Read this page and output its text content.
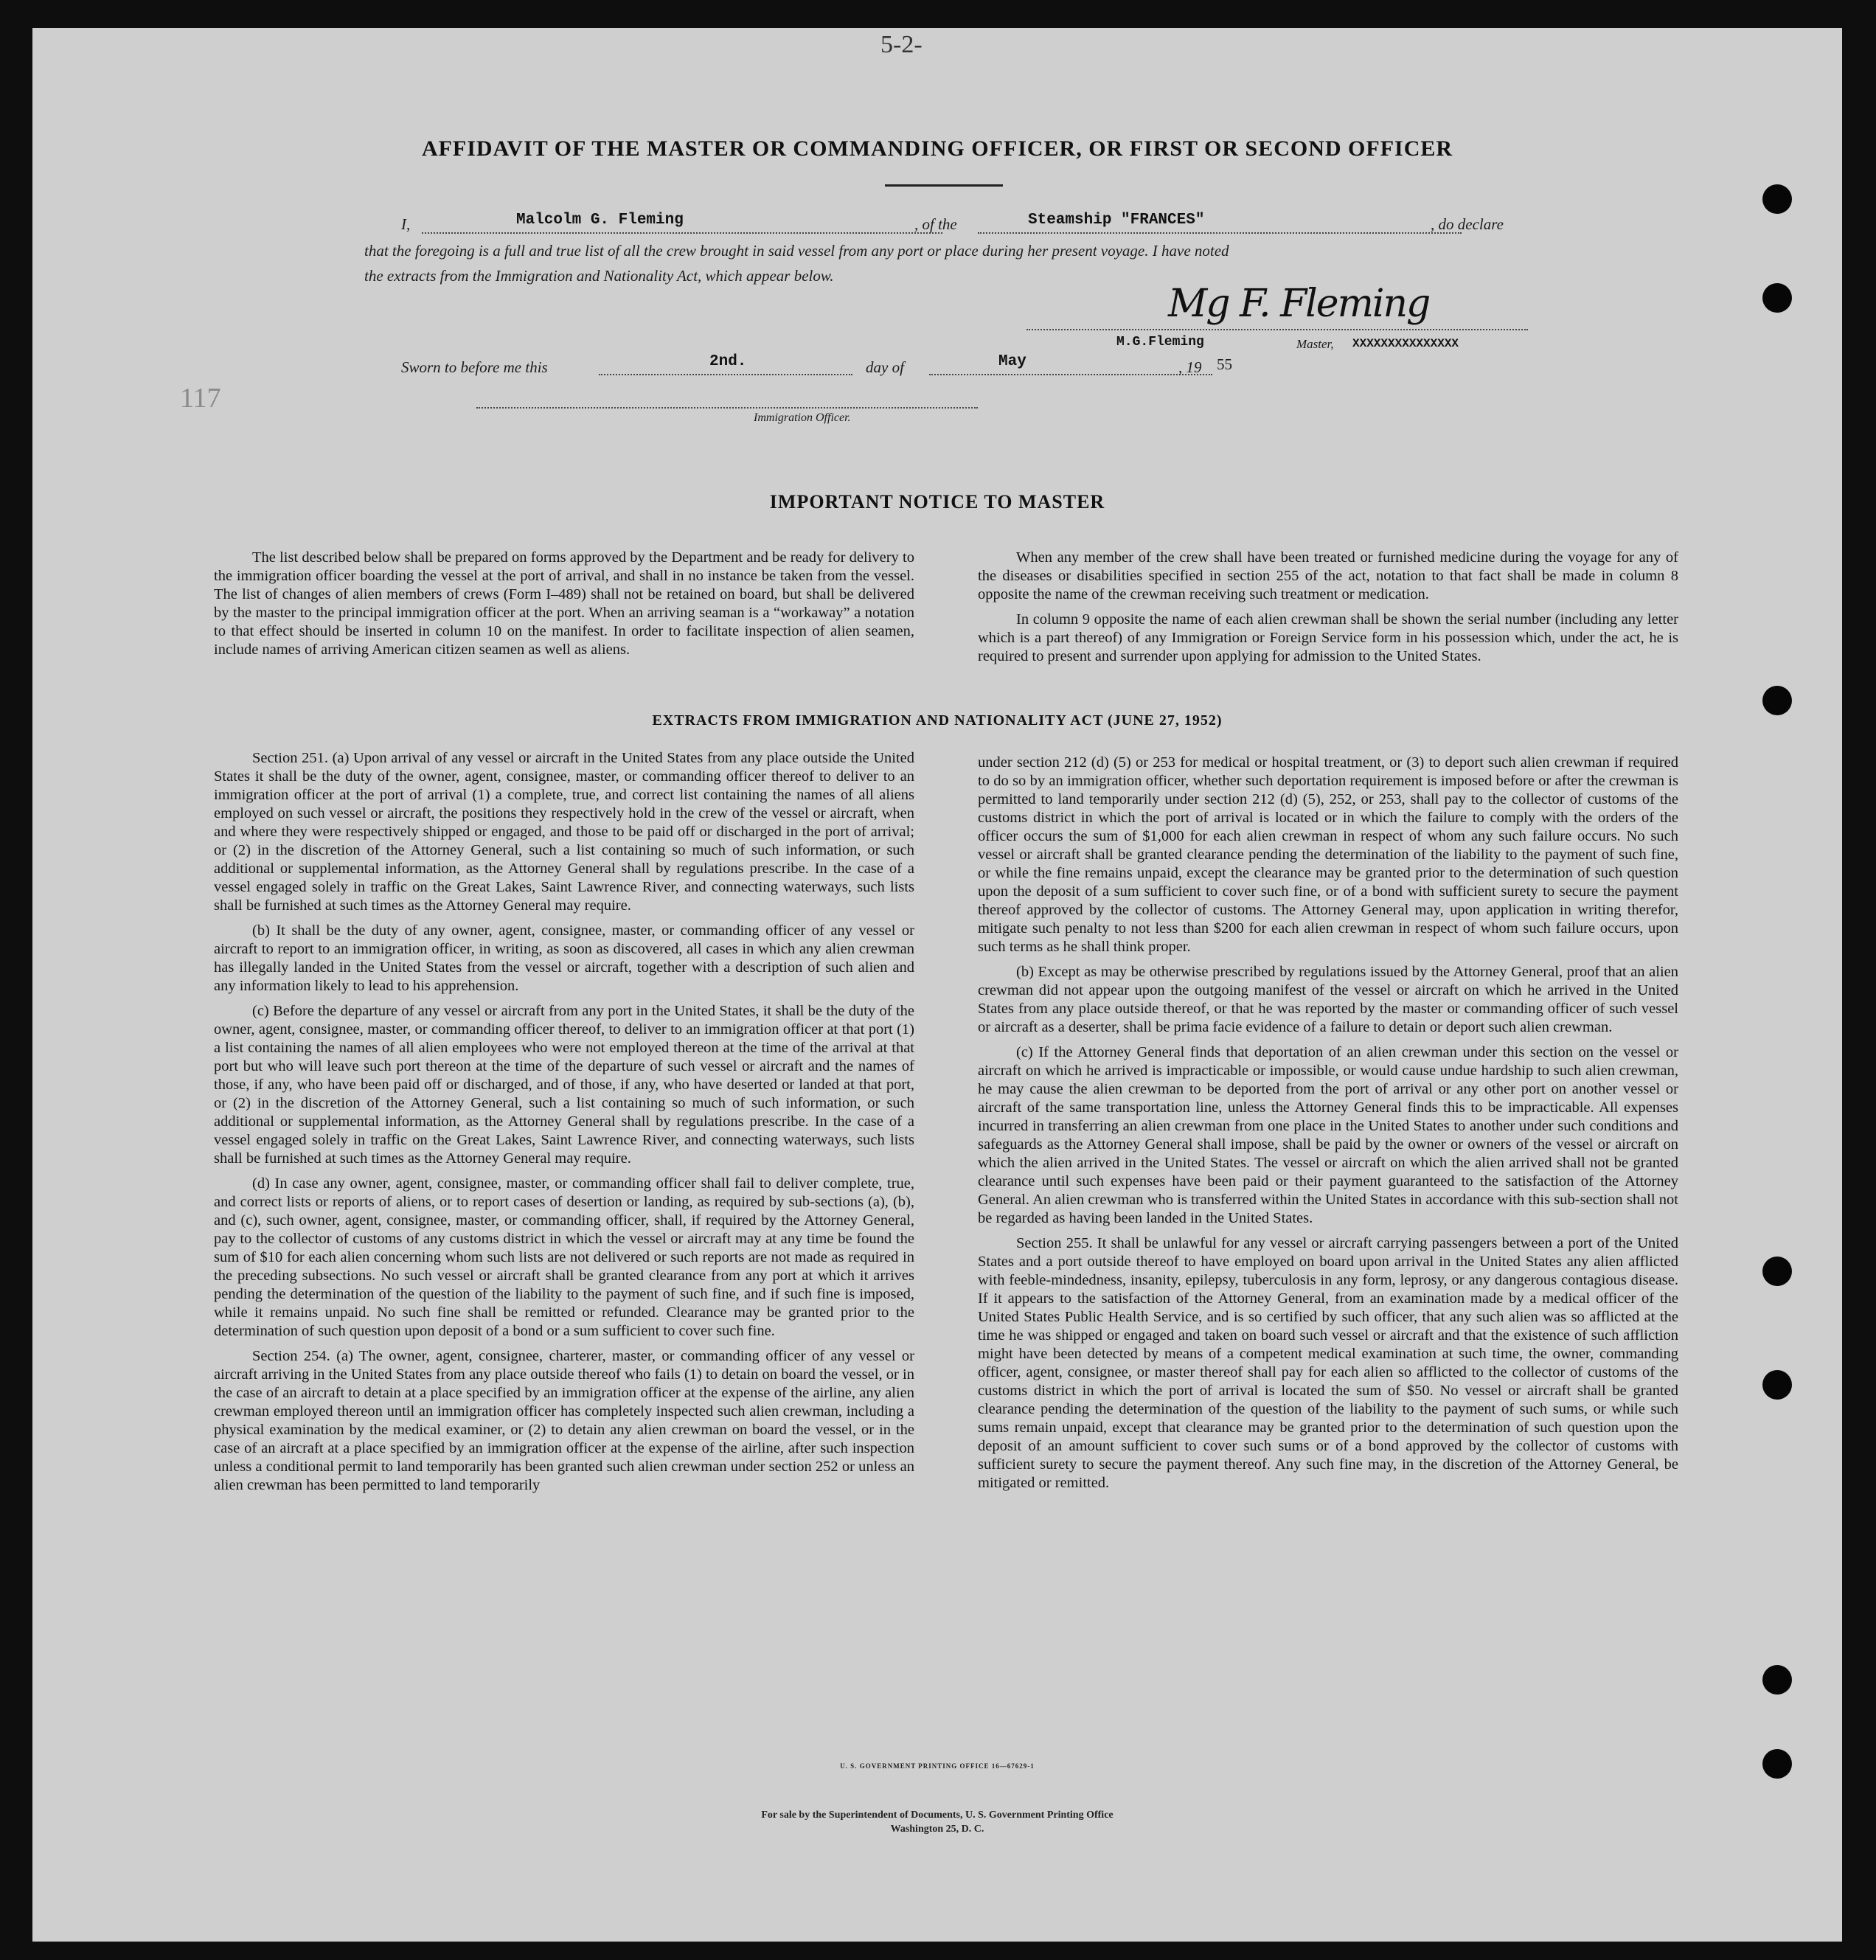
5-2-
117
AFFIDAVIT OF THE MASTER OR COMMANDING OFFICER, OR FIRST OR SECOND OFFICER
I,	Malcolm G. Fleming	, of the	Steamship "FRANCES"	, do declare
that the foregoing is a full and true list of all the crew brought in said vessel from any port or place during her present voyage. I have noted
the extracts from the Immigration and Nationality Act, which appear below.
Mg F. Fleming
M.G.Fleming	Master, XXXXXXXXXXXXXXX
Sworn to before me this	2nd.	day of	May	, 19 55
Immigration Officer.
IMPORTANT NOTICE TO MASTER

The list described below shall be prepared on forms approved by the Department and be ready for delivery to the immigration officer boarding the vessel at the port of arrival, and shall in no instance be taken from the vessel. The list of changes of alien members of crews (Form I–489) shall not be retained on board, but shall be delivered by the master to the principal immigration officer at the port. When an arriving seaman is a “workaway” a notation to that effect should be inserted in column 10 on the manifest. In order to facilitate inspection of alien seamen, include names of arriving American citizen seamen as well as aliens.

When any member of the crew shall have been treated or furnished medicine during the voyage for any of the diseases or disabilities specified in section 255 of the act, notation to that fact shall be made in column 8 opposite the name of the crewman receiving such treatment or medication.

In column 9 opposite the name of each alien crewman shall be shown the serial number (including any letter which is a part thereof) of any Immigration or Foreign Service form in his possession which, under the act, he is required to present and surrender upon applying for admission to the United States.

EXTRACTS FROM IMMIGRATION AND NATIONALITY ACT (JUNE 27, 1952)

Section 251. (a) Upon arrival of any vessel or aircraft in the United States from any place outside the United States it shall be the duty of the owner, agent, consignee, master, or commanding officer thereof to deliver to an immigration officer at the port of arrival (1) a complete, true, and correct list containing the names of all aliens employed on such vessel or aircraft, the positions they respectively hold in the crew of the vessel or aircraft, when and where they were respectively shipped or engaged, and those to be paid off or discharged in the port of arrival; or (2) in the discretion of the Attorney General, such a list containing so much of such information, or such additional or supplemental information, as the Attorney General shall by regulations prescribe. In the case of a vessel engaged solely in traffic on the Great Lakes, Saint Lawrence River, and connecting waterways, such lists shall be furnished at such times as the Attorney General may require.

(b) It shall be the duty of any owner, agent, consignee, master, or commanding officer of any vessel or aircraft to report to an immigration officer, in writing, as soon as discovered, all cases in which any alien crewman has illegally landed in the United States from the vessel or aircraft, together with a description of such alien and any information likely to lead to his apprehension.

(c) Before the departure of any vessel or aircraft from any port in the United States, it shall be the duty of the owner, agent, consignee, master, or commanding officer thereof, to deliver to an immigration officer at that port (1) a list containing the names of all alien employees who were not employed thereon at the time of the arrival at that port but who will leave such port thereon at the time of the departure of such vessel or aircraft and the names of those, if any, who have been paid off or discharged, and of those, if any, who have deserted or landed at that port, or (2) in the discretion of the Attorney General, such a list containing so much of such information, or such additional or supplemental information, as the Attorney General shall by regulations prescribe. In the case of a vessel engaged solely in traffic on the Great Lakes, Saint Lawrence River, and connecting waterways, such lists shall be furnished at such times as the Attorney General may require.

(d) In case any owner, agent, consignee, master, or commanding officer shall fail to deliver complete, true, and correct lists or reports of aliens, or to report cases of desertion or landing, as required by sub-sections (a), (b), and (c), such owner, agent, consignee, master, or commanding officer, shall, if required by the Attorney General, pay to the collector of customs of any customs district in which the vessel or aircraft may at any time be found the sum of $10 for each alien concerning whom such lists are not delivered or such reports are not made as required in the preceding subsections. No such vessel or aircraft shall be granted clearance from any port at which it arrives pending the determination of the question of the liability to the payment of such fine, and if such fine is imposed, while it remains unpaid. No such fine shall be remitted or refunded. Clearance may be granted prior to the determination of such question upon deposit of a bond or a sum sufficient to cover such fine.

Section 254. (a) The owner, agent, consignee, charterer, master, or commanding officer of any vessel or aircraft arriving in the United States from any place outside thereof who fails (1) to detain on board the vessel, or in the case of an aircraft to detain at a place specified by an immigration officer at the expense of the airline, any alien crewman employed thereon until an immigration officer has completely inspected such alien crewman, including a physical examination by the medical examiner, or (2) to detain any alien crewman on board the vessel, or in the case of an aircraft at a place specified by an immigration officer at the expense of the airline, after such inspection unless a conditional permit to land temporarily has been granted such alien crewman under section 252 or unless an alien crewman has been permitted to land temporarily

under section 212 (d) (5) or 253 for medical or hospital treatment, or (3) to deport such alien crewman if required to do so by an immigration officer, whether such deportation requirement is imposed before or after the crewman is permitted to land temporarily under section 212 (d) (5), 252, or 253, shall pay to the collector of customs of the customs district in which the port of arrival is located or in which the failure to comply with the orders of the officer occurs the sum of $1,000 for each alien crewman in respect of whom any such failure occurs. No such vessel or aircraft shall be granted clearance pending the determination of the liability to the payment of such fine, or while the fine remains unpaid, except the clearance may be granted prior to the determination of such question upon the deposit of a sum sufficient to cover such fine, or of a bond with sufficient surety to secure the payment thereof approved by the collector of customs. The Attorney General may, upon application in writing therefor, mitigate such penalty to not less than $200 for each alien crewman in respect of whom such failure occurs, upon such terms as he shall think proper.

(b) Except as may be otherwise prescribed by regulations issued by the Attorney General, proof that an alien crewman did not appear upon the outgoing manifest of the vessel or aircraft on which he arrived in the United States from any place outside thereof, or that he was reported by the master or commanding officer of such vessel or aircraft as a deserter, shall be prima facie evidence of a failure to detain or deport such alien crewman.

(c) If the Attorney General finds that deportation of an alien crewman under this section on the vessel or aircraft on which he arrived is impracticable or impossible, or would cause undue hardship to such alien crewman, he may cause the alien crewman to be deported from the port of arrival or any other port on another vessel or aircraft of the same transportation line, unless the Attorney General finds this to be impracticable. All expenses incurred in transferring an alien crewman from one place in the United States to another under such conditions and safeguards as the Attorney General shall impose, shall be paid by the owner or owners of the vessel or aircraft on which the alien arrived in the United States. The vessel or aircraft on which the alien arrived shall not be granted clearance until such expenses have been paid or their payment guaranteed to the satisfaction of the Attorney General. An alien crewman who is transferred within the United States in accordance with this sub-section shall not be regarded as having been landed in the United States.

Section 255. It shall be unlawful for any vessel or aircraft carrying passengers between a port of the United States and a port outside thereof to have employed on board upon arrival in the United States any alien afflicted with feeble-mindedness, insanity, epilepsy, tuberculosis in any form, leprosy, or any dangerous contagious disease. If it appears to the satisfaction of the Attorney General, from an examination made by a medical officer of the United States Public Health Service, and is so certified by such officer, that any such alien was so afflicted at the time he was shipped or engaged and taken on board such vessel or aircraft and that the existence of such affliction might have been detected by means of a competent medical examination at such time, the owner, commanding officer, agent, consignee, or master thereof shall pay for each alien so afflicted to the collector of customs of the customs district in which the port of arrival is located the sum of $50. No vessel or aircraft shall be granted clearance pending the determination of the question of the liability to the payment of such sums, or while such sums remain unpaid, except that clearance may be granted prior to the determination of such question upon the deposit of an amount sufficient to cover such sums or of a bond approved by the collector of customs with sufficient surety to secure the payment thereof. Any such fine may, in the discretion of the Attorney General, be mitigated or remitted.

U. S. GOVERNMENT PRINTING OFFICE 16—67629-1
For sale by the Superintendent of Documents, U. S. Government Printing Office
Washington 25, D. C.
